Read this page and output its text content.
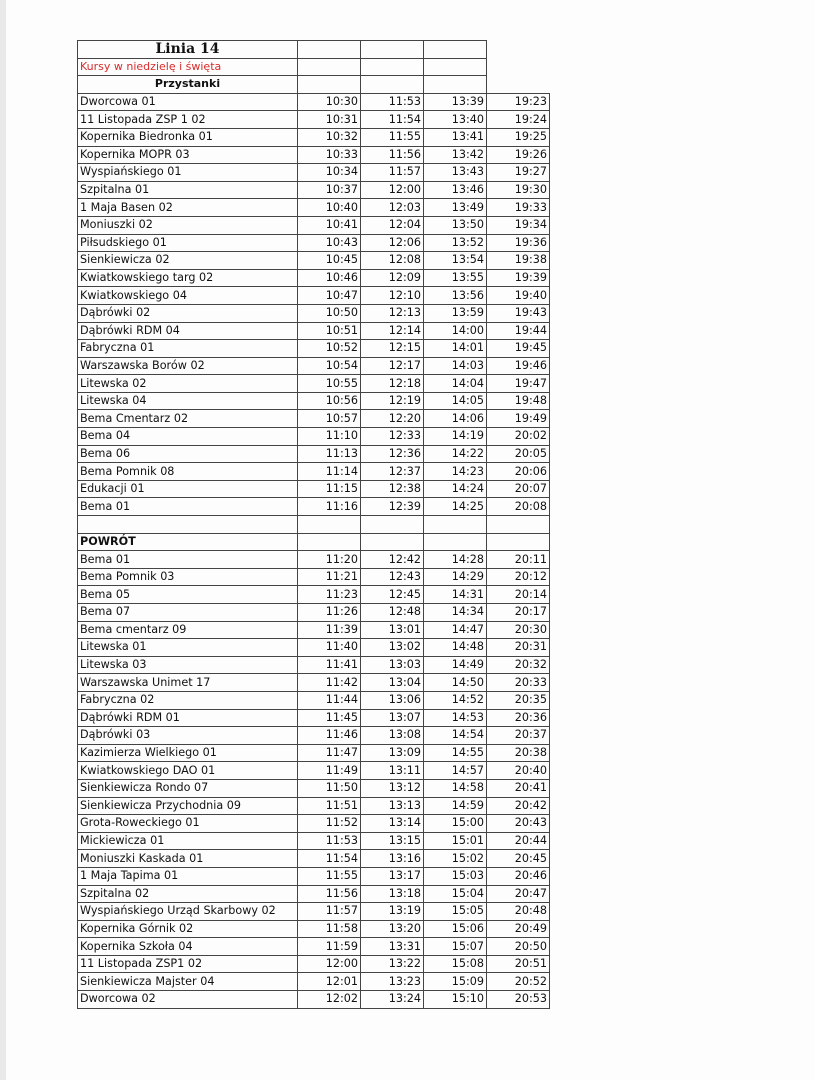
Linia 14				
Kursy w niedzielę i święta				
Przystanki				
Dworcowa 01	10:30	11:53	13:39	19:23
11 Listopada ZSP 1 02	10:31	11:54	13:40	19:24
Kopernika Biedronka 01	10:32	11:55	13:41	19:25
Kopernika MOPR 03	10:33	11:56	13:42	19:26
Wyspiańskiego 01	10:34	11:57	13:43	19:27
Szpitalna 01	10:37	12:00	13:46	19:30
1 Maja Basen 02	10:40	12:03	13:49	19:33
Moniuszki 02	10:41	12:04	13:50	19:34
Piłsudskiego 01	10:43	12:06	13:52	19:36
Sienkiewicza 02	10:45	12:08	13:54	19:38
Kwiatkowskiego targ 02	10:46	12:09	13:55	19:39
Kwiatkowskiego 04	10:47	12:10	13:56	19:40
Dąbrówki 02	10:50	12:13	13:59	19:43
Dąbrówki RDM 04	10:51	12:14	14:00	19:44
Fabryczna 01	10:52	12:15	14:01	19:45
Warszawska Borów 02	10:54	12:17	14:03	19:46
Litewska 02	10:55	12:18	14:04	19:47
Litewska 04	10:56	12:19	14:05	19:48
Bema Cmentarz 02	10:57	12:20	14:06	19:49
Bema 04	11:10	12:33	14:19	20:02
Bema 06	11:13	12:36	14:22	20:05
Bema Pomnik 08	11:14	12:37	14:23	20:06
Edukacji 01	11:15	12:38	14:24	20:07
Bema 01	11:16	12:39	14:25	20:08

POWRÓT				
Bema 01	11:20	12:42	14:28	20:11
Bema Pomnik 03	11:21	12:43	14:29	20:12
Bema 05	11:23	12:45	14:31	20:14
Bema 07	11:26	12:48	14:34	20:17
Bema cmentarz 09	11:39	13:01	14:47	20:30
Litewska 01	11:40	13:02	14:48	20:31
Litewska 03	11:41	13:03	14:49	20:32
Warszawska Unimet 17	11:42	13:04	14:50	20:33
Fabryczna 02	11:44	13:06	14:52	20:35
Dąbrówki RDM 01	11:45	13:07	14:53	20:36
Dąbrówki 03	11:46	13:08	14:54	20:37
Kazimierza Wielkiego 01	11:47	13:09	14:55	20:38
Kwiatkowskiego DAO 01	11:49	13:11	14:57	20:40
Sienkiewicza Rondo 07	11:50	13:12	14:58	20:41
Sienkiewicza Przychodnia 09	11:51	13:13	14:59	20:42
Grota-Roweckiego 01	11:52	13:14	15:00	20:43
Mickiewicza 01	11:53	13:15	15:01	20:44
Moniuszki Kaskada 01	11:54	13:16	15:02	20:45
1 Maja Tapima 01	11:55	13:17	15:03	20:46
Szpitalna 02	11:56	13:18	15:04	20:47
Wyspiańskiego Urząd Skarbowy 02	11:57	13:19	15:05	20:48
Kopernika Górnik 02	11:58	13:20	15:06	20:49
Kopernika Szkoła 04	11:59	13:31	15:07	20:50
11 Listopada ZSP1 02	12:00	13:22	15:08	20:51
Sienkiewicza Majster 04	12:01	13:23	15:09	20:52
Dworcowa 02	12:02	13:24	15:10	20:53
